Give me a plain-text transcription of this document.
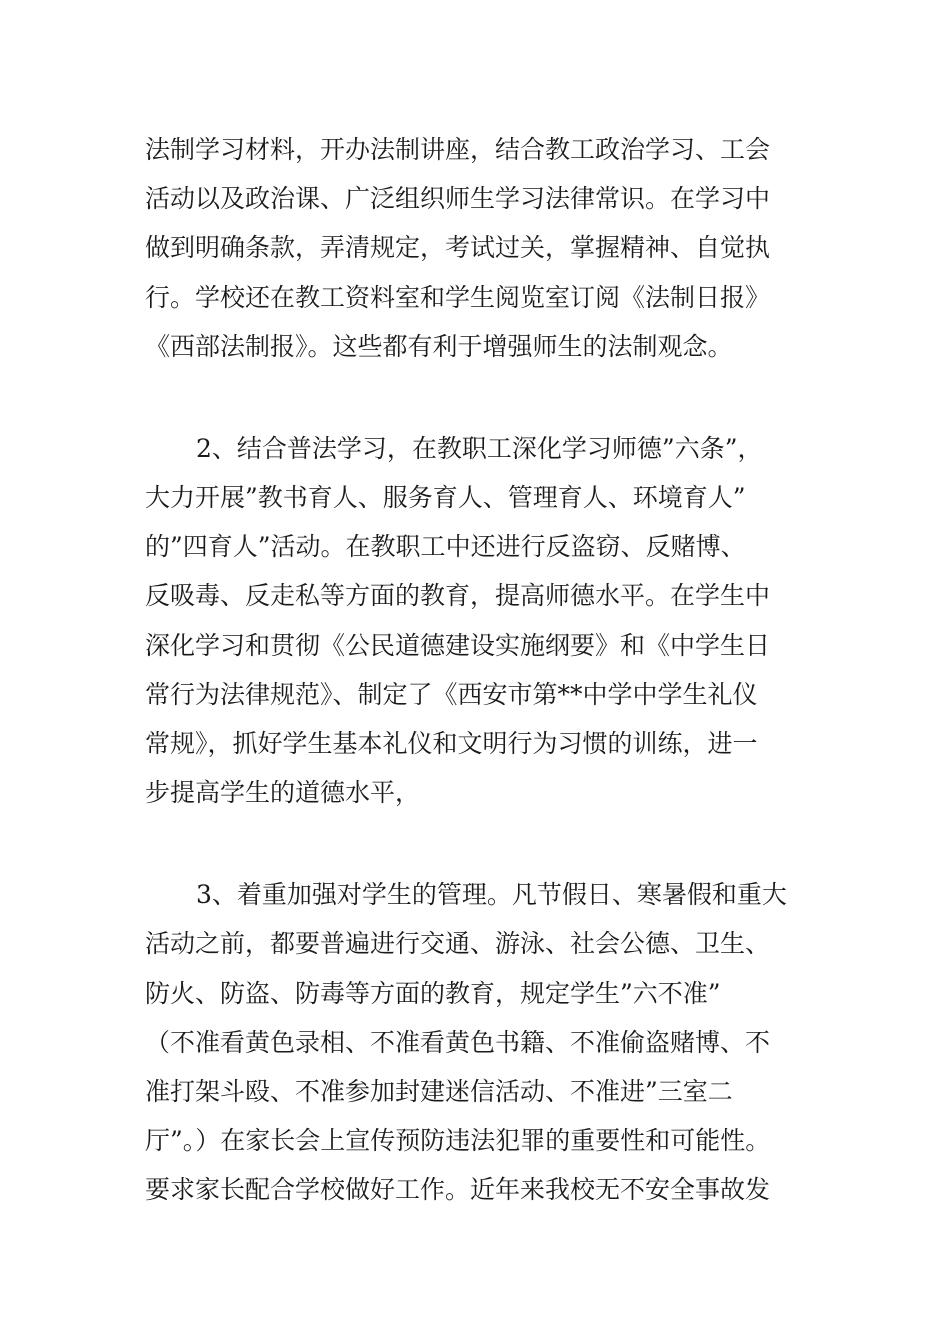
法制学习材料，开办法制讲座，结合教工政治学习、工会

活动以及政治课、广泛组织师生学习法律常识。在学习中

做到明确条款，弄清规定，考试过关，掌握精神、自觉执

行。学校还在教工资料室和学生阅览室订阅《法制日报》

《西部法制报》。这些都有利于增强师生的法制观念。

2、结合普法学习，在教职工深化学习师德”六条”，

大力开展”教书育人、服务育人、管理育人、环境育人”

的”四育人”活动。在教职工中还进行反盗窃、反赌博、

反吸毒、反走私等方面的教育，提高师德水平。在学生中

深化学习和贯彻《公民道德建设实施纲要》和《中学生日

常行为法律规范》、制定了《西安市第**中学中学生礼仪

常规》，抓好学生基本礼仪和文明行为习惯的训练，进一

步提高学生的道德水平，

3、着重加强对学生的管理。凡节假日、寒暑假和重大

活动之前，都要普遍进行交通、游泳、社会公德、卫生、

防火、防盗、防毒等方面的教育，规定学生”六不准”

（不准看黄色录相、不准看黄色书籍、不准偷盗赌博、不

准打架斗殴、不准参加封建迷信活动、不准进”三室二

厅”。）在家长会上宣传预防违法犯罪的重要性和可能性。

要求家长配合学校做好工作。近年来我校无不安全事故发
